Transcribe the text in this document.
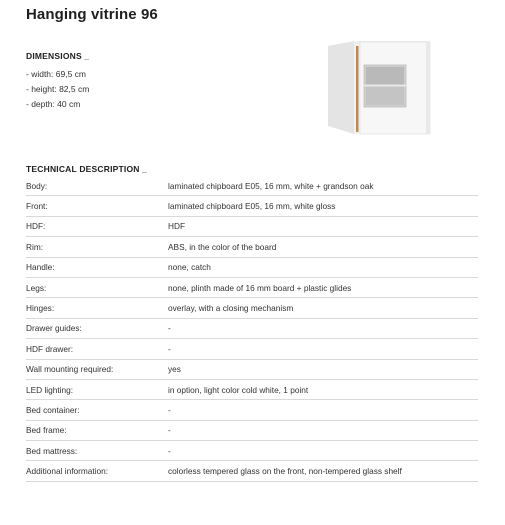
Hanging vitrine 96
DIMENSIONS _
- width: 69,5 cm
- height: 82,5 cm
- depth: 40 cm
TECHNICAL DESCRIPTION _
Body:	laminated chipboard E05, 16 mm, white + grandson oak
Front:	laminated chipboard E05, 16 mm, white gloss
HDF:	HDF
Rim:	ABS, in the color of the board
Handle:	none, catch
Legs:	none, plinth made of 16 mm board + plastic glides
Hinges:	overlay, with a closing mechanism
Drawer guides:	-
HDF drawer:	-
Wall mounting required:	yes
LED lighting:	in option, light color cold white, 1 point
Bed container:	-
Bed frame:	-
Bed mattress:	-
Additional information:	colorless tempered glass on the front, non-tempered glass shelf
